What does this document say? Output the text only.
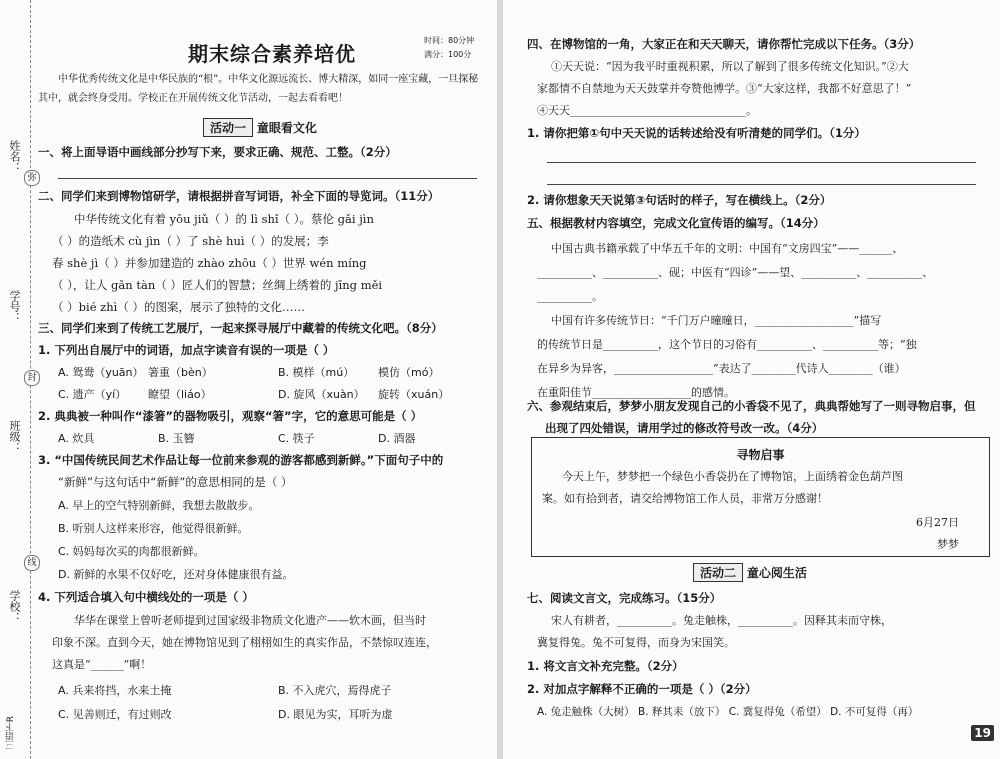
姓名：
学号：
班级：
学校：
弥
封
线
三语下R
期末综合素养培优
时间：80分钟
满分：100分
中华优秀传统文化是中华民族的“根”。中华文化源远流长、博大精深，如同一座宝藏，一旦探秘其中，就会终身受用。学校正在开展传统文化节活动，一起去看看吧！
活动一 童眼看文化
一、将上面导语中画线部分抄写下来，要求正确、规范、工整。（2分）
二、同学们来到博物馆研学，请根据拼音写词语，补全下面的导览词。（11分）
中华传统文化有着 yōu jiǔ（ ）的 lì shǐ（ ）。蔡伦 gǎi jìn
（ ）的造纸术 cù jìn（ ）了 shè huì（ ）的发展；李
春 shè jì（ ）并参加建造的 zhào zhōu（ ）世界 wén míng
（ ），让人 gǎn tàn（ ）匠人们的智慧；丝绸上绣着的 jīng měi
（ ）bié zhì（ ）的图案，展示了独特的文化……
三、同学们来到了传统工艺展厅，一起来探寻展厅中藏着的传统文化吧。（8分）
1. 下列出自展厅中的词语，加点字读音有误的一项是（ ）
A. 鸳鸯（yuān） 箸重（bèn）	B. 模样（mú） 模仿（mó）
C. 遗产（yí） 瞭望（liáo）	D. 旋风（xuàn） 旋转（xuán）
2. 典典被一种叫作“漆箸”的器物吸引，观察“箸”字，它的意思可能是（ ）
A. 炊具	B. 玉簪	C. 筷子	D. 酒器
3. “中国传统民间艺术作品让每一位前来参观的游客都感到新鲜。”下面句子中的
“新鲜”与这句话中“新鲜”的意思相同的是（ ）
A. 早上的空气特别新鲜，我想去散散步。
B. 听别人这样来形容，他觉得很新鲜。
C. 妈妈每次买的肉都很新鲜。
D. 新鲜的水果不仅好吃，还对身体健康很有益。
4. 下列适合填入句中横线处的一项是（ ）
华华在课堂上曾听老师提到过国家级非物质文化遗产——软木画，但当时
印象不深。直到今天，她在博物馆见到了栩栩如生的真实作品，不禁惊叹连连，
这真是“______”啊！
A. 兵来将挡，水来土掩	B. 不入虎穴，焉得虎子
C. 见善则迁，有过则改	D. 眼见为实，耳听为虚
四、在博物馆的一角，大家正在和天天聊天，请你帮忙完成以下任务。（3分）
①天天说：“因为我平时重视积累，所以了解到了很多传统文化知识。”②大
家都情不自禁地为天天鼓掌并夸赞他博学。③“大家这样，我都不好意思了！”
④天天________________________________。
1. 请你把第①句中天天说的话转述给没有听清楚的同学们。（1分）
2. 请你想象天天说第③句话时的样子，写在横线上。（2分）
五、根据教材内容填空，完成文化宣传语的编写。（14分）
中国古典书籍承载了中华五千年的文明：中国有“文房四宝”——______、
__________、__________、砚；中医有“四诊”——望、__________、__________、
__________。
中国有许多传统节日：“千门万户曈曈日，__________________”描写
的传统节日是__________，这个节日的习俗有__________、__________等；“独
在异乡为异客，__________________”表达了________代诗人________（谁）
在重阳佳节__________________的感情。
六、参观结束后，梦梦小朋友发现自己的小香袋不见了，典典帮她写了一则寻物启事，但
出现了四处错误，请用学过的修改符号改一改。（4分）
寻物启事
今天上午，梦梦把一个绿色小香袋扔在了博物馆，上面绣着金色葫芦图
案。如有拾到者，请交给博物馆工作人员，非常万分感谢！
6月27日
梦梦
活动二 童心阅生活
七、阅读文言文，完成练习。（15分）
宋人有耕者，__________。兔走触株，__________。因释其耒而守株，
冀复得兔。兔不可复得，而身为宋国笑。
1. 将文言文补充完整。（2分）
2. 对加点字解释不正确的一项是（ ）（2分）
A. 兔走触株（大树） B. 释其耒（放下） C. 冀复得兔（希望） D. 不可复得（再）
19
